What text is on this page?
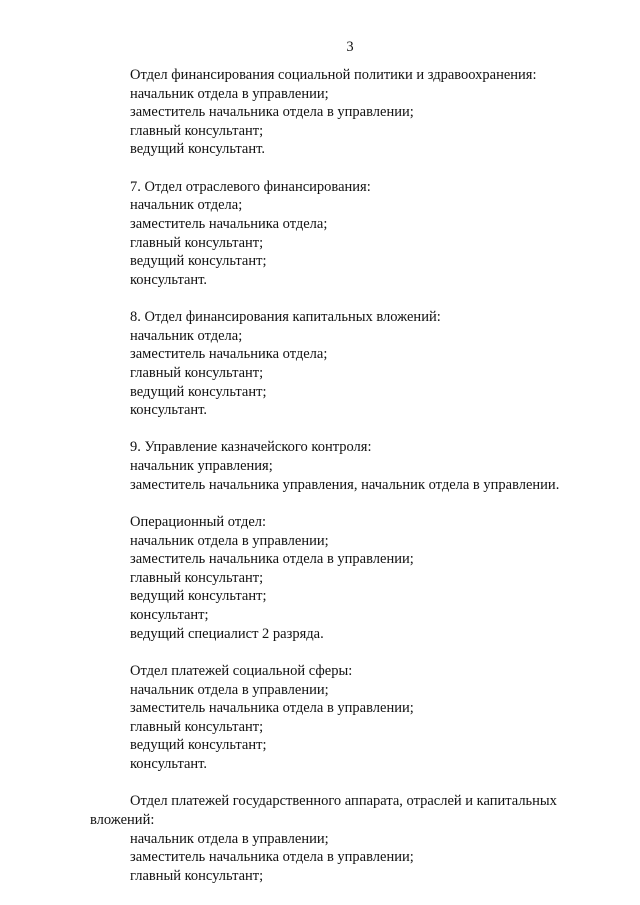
3
Отдел финансирования социальной политики и здравоохранения:
начальник отдела в управлении;
заместитель начальника отдела в управлении;
главный консультант;
ведущий консультант.
7. Отдел отраслевого финансирования:
начальник отдела;
заместитель начальника отдела;
главный консультант;
ведущий консультант;
консультант.
8. Отдел финансирования капитальных вложений:
начальник отдела;
заместитель начальника отдела;
главный консультант;
ведущий консультант;
консультант.
9. Управление казначейского контроля:
начальник управления;
заместитель начальника управления, начальник отдела в управлении.
Операционный отдел:
начальник отдела в управлении;
заместитель начальника отдела в управлении;
главный консультант;
ведущий консультант;
консультант;
ведущий специалист 2 разряда.
Отдел платежей социальной сферы:
начальник отдела в управлении;
заместитель начальника отдела в управлении;
главный консультант;
ведущий консультант;
консультант.
Отдел платежей государственного аппарата, отраслей и капитальных вложений:
начальник отдела в управлении;
заместитель начальника отдела в управлении;
главный консультант;
